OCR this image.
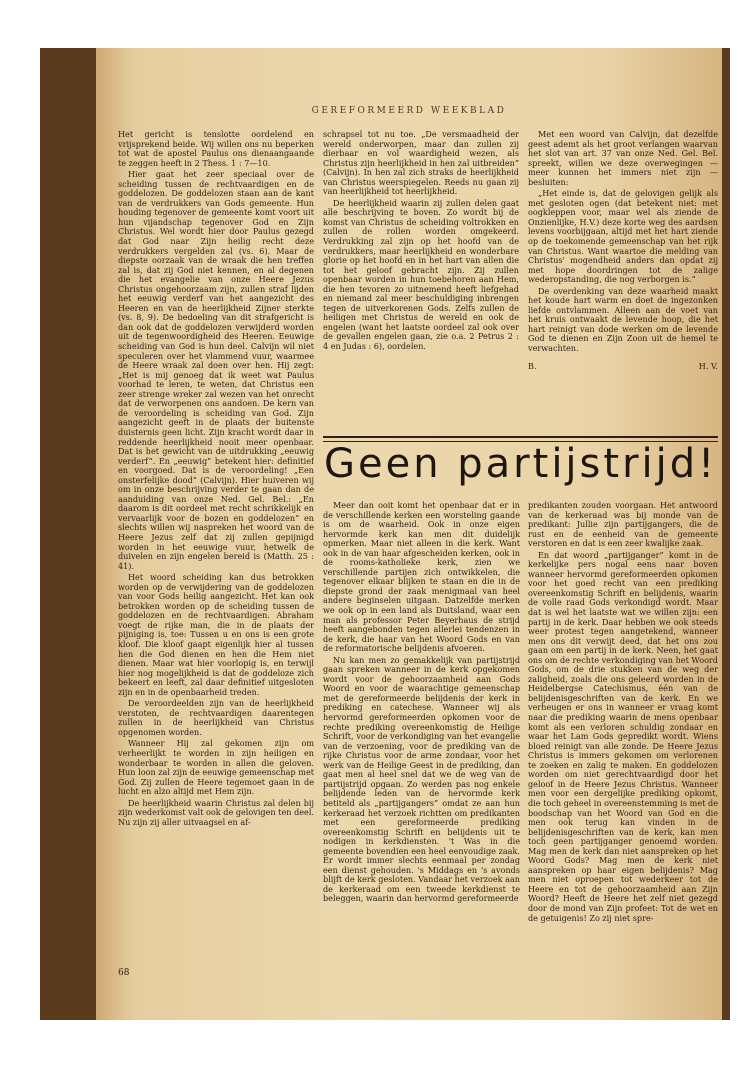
GEREFORMEERD WEEKBLAD

Het gericht is tenslotte oordelend en vrijsprekend beide. Wij willen ons nu beperken tot wat de apostel Paulus ons dienaangaande te zeggen heeft in 2 Thess. 1 : 7—10.

Hier gaat het zeer speciaal over de scheiding tussen de rechtvaardigen en de goddelozen. De goddelozen staan aan de kant van de verdrukkers van Gods gemeente. Hun houding tegenover de gemeente komt voort uit hun vijandschap tegenover God en Zijn Christus. Wel wordt hier door Paulus gezegd dat God naar Zijn heilig recht deze verdrukkers vergelden zal (vs. 6). Maar de diepste oorzaak van de wraak die hen treffen zal is, dat zij God niet kennen, en al degenen die het evangelie van onze Heere Jezus Christus ongehoorzaam zijn, zullen straf lijden het eeuwig verderf van het aangezicht des Heeren en van de heerlijkheid Zijner sterkte (vs. 8, 9). De bedoeling van dit strafgericht is dan ook dat de goddelozen verwijderd worden uit de tegenwoordigheid des Heeren. Eeuwige scheiding van God is hun deel. Calvijn wil niet speculeren over het vlammend vuur, waarmee de Heere wraak zal doen over hen. Hij zegt: „Het is mij genoeg dat ik weet wat Paulus voorhad te leren, te weten, dat Christus een zeer strenge wreker zal wezen van het onrecht dat de verworpenen ons aandoen. De kern van de veroordeling is scheiding van God. Zijn aangezicht geeft in de plaats der buitenste duisternis geen licht. Zijn kracht wordt daar in reddende heerlijkheid nooit meer openbaar. Dat is het gewicht van de uitdrukking „eeuwig verderf”. En „eeuwig” betekent hier: definitief en voorgoed. Dat is de veroordeling! „Een onsterfelijke dood” (Calvijn). Hier huiveren wij om in onze beschrijving verder te gaan dan de aanduiding van onze Ned. Gel. Bel.: „En daarom is dit oordeel met recht schrikkelijk en vervaarlijk voor de bozen en goddelozen” en slechts willen wij naspreken het woord van de Heere Jezus zelf dat zij zullen gepijnigd worden in het eeuwige vuur, hetwelk de duivelen en zijn engelen bereid is (Matth. 25 : 41).

Het woord scheiding kan dus betrokken worden op de verwijdering van de goddelozen van voor Gods heilig aangezicht. Het kan ook betrokken worden op de scheiding tussen de goddelozen en de rechtvaardigen. Abraham voegt de rijke man, die in de plaats der pijniging is, toe: Tussen u en ons is een grote kloof. Die kloof gaapt eigenlijk hier al tussen hen die God dienen en hen die Hem niet dienen. Maar wat hier voorlopig is, en terwijl hier nog mogelijkheid is dat de goddeloze zich bekeert en leeft, zal daar definitief uitgesloten zijn en in de openbaarheid treden.

De veroordeelden zijn van de heerlijkheid verstoten, de rechtvaardigen daarentegen zullen in de heerlijkheid van Christus opgenomen worden.

Wanneer Hij zal gekomen zijn om verheerlijkt te worden in zijn heiligen en wonderbaar te worden in allen die geloven. Hun loon zal zijn de eeuwige gemeenschap met God. Zij zullen de Heere tegemoet gaan in de lucht en alzo altijd met Hem zijn.

De heerlijkheid waarin Christus zal delen bij zijn wederkomst valt ook de gelovigen ten deel. Nu zijn zij aller uitvaagsel en af-

schrapsel tot nu toe. „De versmaadheid der wereld onderworpen, maar dan zullen zij dierbaar en vol waardigheid wezen, als Christus zijn heerlijkheid in hen zal uitbreiden” (Calvijn). In hen zal zich straks de heerlijkheid van Christus weerspiegelen. Reeds nu gaan zij van heerlijkheid tot heerlijkheid.

De heerlijkheid waarin zij zullen delen gaat alle beschrijving te boven. Zo wordt bij de komst van Christus de scheiding voltrokken en zullen de rollen worden omgekeerd. Verdrukking zal zijn op het hoofd van de verdrukkers, maar heerlijkheid en wonderbare glorie op het hoofd en in het hart van allen die tot het geloof gebracht zijn. Zij zullen openbaar worden in hun toebehoren aan Hem, die hen tevoren zo uitnemend heeft liefgehad en niemand zal meer beschuldiging inbrengen tegen de uitverkorenen Gods. Zelfs zullen de heiligen met Christus de wereld en ook de engelen (want het laatste oordeel zal ook over de gevallen engelen gaan, zie o.a. 2 Petrus 2 : 4 en Judas : 6), oordelen.

Met een woord van Calvijn, dat dezelfde geest ademt als het groot verlangen waarvan het slot van art. 37 van onze Ned. Gel. Bel. spreekt, willen we deze overwegingen — meer kunnen het immers niet zijn — besluiten:

„Het einde is, dat de gelovigen gelijk als met gesloten ogen (dat betekent niet: met oogkleppen voor, maar wel als ziende de Onzienlijke, H.V.) deze korte weg des aardsen levens voorbijgaan, altijd met het hart ziende op de toekomende gemeenschap van het rijk van Christus. Want waartoe die melding van Christus' mogendheid anders dan opdat zij met hope doordringen tot de zalige wederopstanding, die nog verborgen is.”

De overdenking van deze waarheid maakt het koude hart warm en doet de ingezonken liefde ontvlammen. Alleen aan de voet van het kruis ontwaakt de levende hoop, die het hart reinigt van dode werken om de levende God te dienen en Zijn Zoon uit de hemel te verwachten.

B.	H. V.
Geen partijstrijd!

Meer dan ooit komt het openbaar dat er in de verschillende kerken een worsteling gaande is om de waarheid. Ook in onze eigen hervormde kerk kan men dit duidelijk opmerken. Maar niet alleen in die kerk. Want ook in de van haar afgescheiden kerken, ook in de rooms-katholieke kerk, zien we verschillende partijen zich ontwikkelen, die tegenover elkaar blijken te staan en die in de diepste grond der zaak menigmaal van heel andere beginselen uitgaan. Datzelfde merken we ook op in een land als Duitsland, waar een man als professor Peter Beyerhaus de strijd heeft aangebonden tegen allerlei tendenzen in de kerk, die haar van het Woord Gods en van de reformatorische belijdenis afvoeren.

Nu kan men zo gemakkelijk van partijstrijd gaan spreken wanneer in de kerk opgekomen wordt voor de gehoorzaamheid aan Gods Woord en voor de waarachtige gemeenschap met de gereformeerde belijdenis der kerk in prediking en catechese. Wanneer wij als hervormd gereformeerden opkomen voor de rechte prediking overeenkomstig de Heilige Schrift, voor de verkondiging van het evangelie van de verzoening, voor de prediking van de rijke Christus voor de arme zondaar, voor het werk van de Heilige Geest in de prediking, dan gaat men al heel snel dat we de weg van de partijstrijd opgaan. Zo werden pas nog enkele belijdende leden van de hervormde kerk betiteld als „partijgangers” omdat ze aan hun kerkeraad het verzoek richtten om predikanten met een gereformeerde prediking overeenkomstig Schrift en belijdenis uit te nodigen in kerkdiensten. 't Was in die gemeente bovendien een heel eenvoudige zaak. Er wordt immer slechts eenmaal per zondag een dienst gehouden. 's Middags en 's avonds blijft de kerk gesloten. Vandaar het verzoek aan de kerkeraad om een tweede kerkdienst te beleggen, waarin dan hervormd gereformeerde

predikanten zouden voorgaan. Het antwoord van de kerkeraad was bij monde van de predikant: Jullie zijn partijgangers, die de rust en de eenheid van de gemeente verstoren en dat is een zeer kwalijke zaak.

En dat woord „partijganger” komt in de kerkelijke pers nogal eens naar boven wanneer hervormd gereformeerden opkomen voor het goed recht van een prediking overeenkomstig Schrift en belijdenis, waarin de volle raad Gods verkondigd wordt. Maar dat is wel het laatste wat we willen zijn: een partij in de kerk. Daar hebben we ook steeds weer protest tegen aangetekend, wanneer men ons dit verwijt deed, dat het ons zou gaan om een partij in de kerk. Neen, het gaat ons om de rechte verkondiging van het Woord Gods, om de drie stukken van de weg der zaligheid, zoals die ons geleerd worden in de Heidelbergse Catechismus, één van de belijdenisgeschriften van de kerk. En we verheugen er ons in wanneer er vraag komt naar die prediking waarin de mens openbaar komt als een verloren schuldig zondaar en waar het Lam Gods gepredikt wordt. Wiens bloed reinigt van alle zonde. De Heere Jezus Christus is immers gekomen om verlorenen te zoeken en zalig te maken. En goddelozen worden om niet gerechtvaardigd door het geloof in de Heere Jezus Christus. Wanneer men voor een dergelijke prediking opkomt, die toch geheel in overeenstemming is met de boodschap van het Woord van God en die men ook terug kan vinden in de belijdenisgeschriften van de kerk, kan men toch geen partijganger genoemd worden. Mag men de kerk dan niet aanspreken op het Woord Gods? Mag men de kerk niet aanspreken op haar eigen belijdenis? Mag men niet oproepen tot wederkeer tot de Heere en tot de gehoorzaamheid aan Zijn Woord? Heeft de Heere het zelf niet gezegd door de mond van Zijn profeet: Tot de wet en de getuigenis! Zo zij niet spre-

68
